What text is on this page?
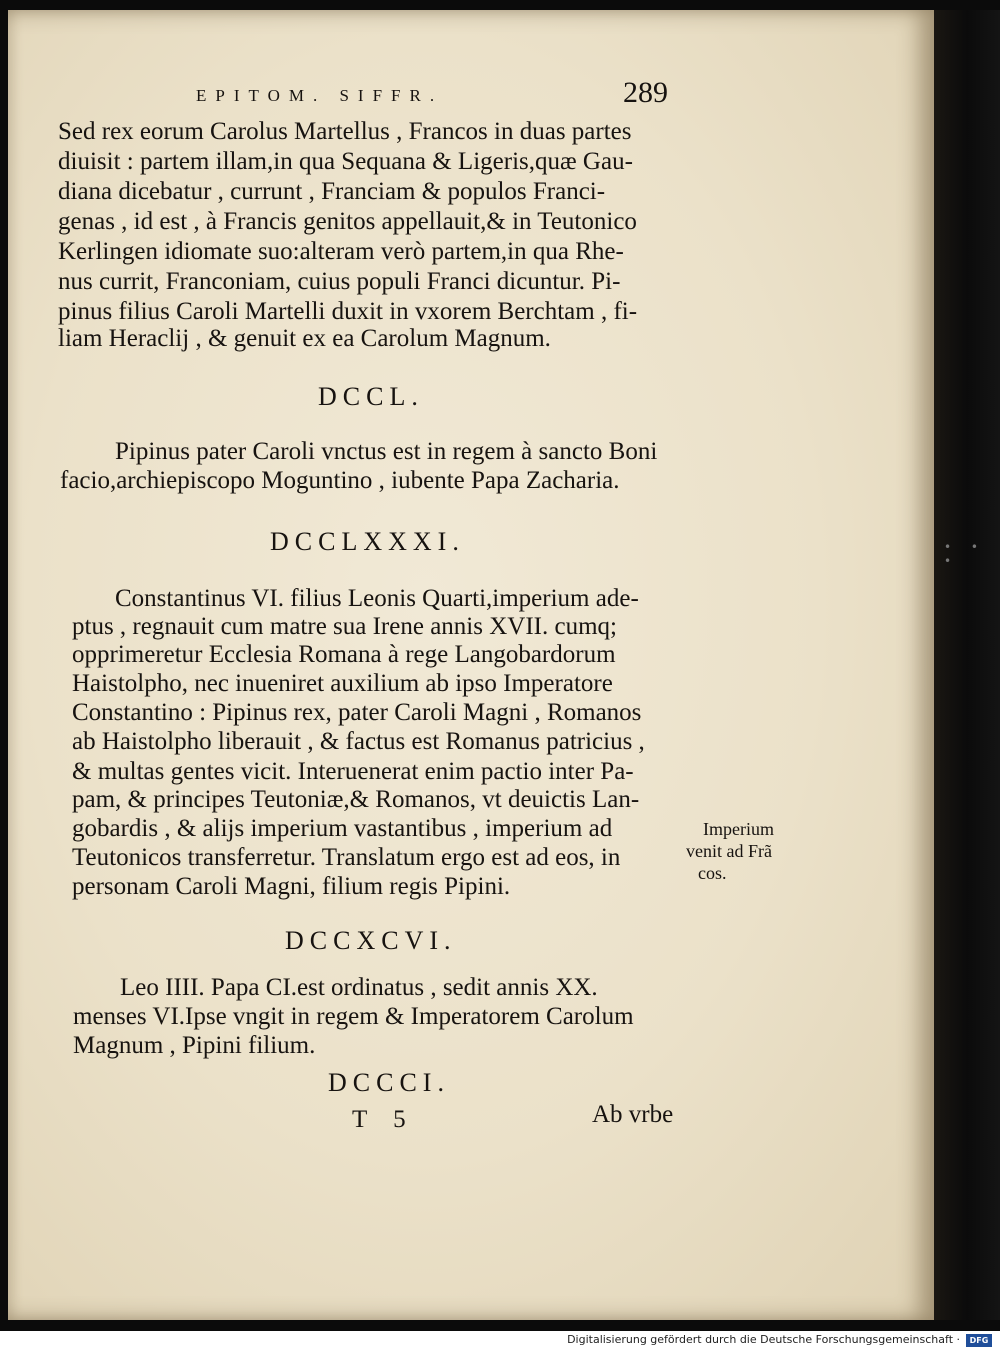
• • •
EPITOM. SIFFR.	289
Sed rex eorum Carolus Martellus , Francos in duas partes
diuisit : partem illam,in qua Sequana & Ligeris,quæ Gau-
diana dicebatur , currunt , Franciam & populos Franci-
genas , id est , à Francis genitos appellauit,& in Teutonico
Kerlingen idiomate suo:alteram verò partem,in qua Rhe-
nus currit, Franconiam, cuius populi Franci dicuntur. Pi-
pinus filius Caroli Martelli duxit in vxorem Berchtam , fi-
liam Heraclij , & genuit ex ea Carolum Magnum.
DCCL.
Pipinus pater Caroli vnctus est in regem à sancto Boni
facio,archiepiscopo Moguntino , iubente Papa Zacharia.
DCCLXXXI.
Constantinus VI. filius Leonis Quarti,imperium ade-
ptus , regnauit cum matre sua Irene annis XVII. cumq;
opprimeretur Ecclesia Romana à rege Langobardorum
Haistolpho, nec inueniret auxilium ab ipso Imperatore
Constantino : Pipinus rex, pater Caroli Magni , Romanos
ab Haistolpho liberauit , & factus est Romanus patricius ,
& multas gentes vicit. Interuenerat enim pactio inter Pa-
pam, & principes Teutoniæ,& Romanos, vt deuictis Lan-
gobardis , & alijs imperium vastantibus , imperium ad
Teutonicos transferretur. Translatum ergo est ad eos, in
personam Caroli Magni, filium regis Pipini.
Imperium
venit ad Frã
cos.
DCCXCVI.
Leo IIII. Papa CI.est ordinatus , sedit annis XX.
menses VI.Ipse vngit in regem & Imperatorem Carolum
Magnum , Pipini filium.
DCCCI.
T 5	Ab vrbe
Digitalisierung gefördert durch die Deutsche Forschungsgemeinschaft ·	DFG
